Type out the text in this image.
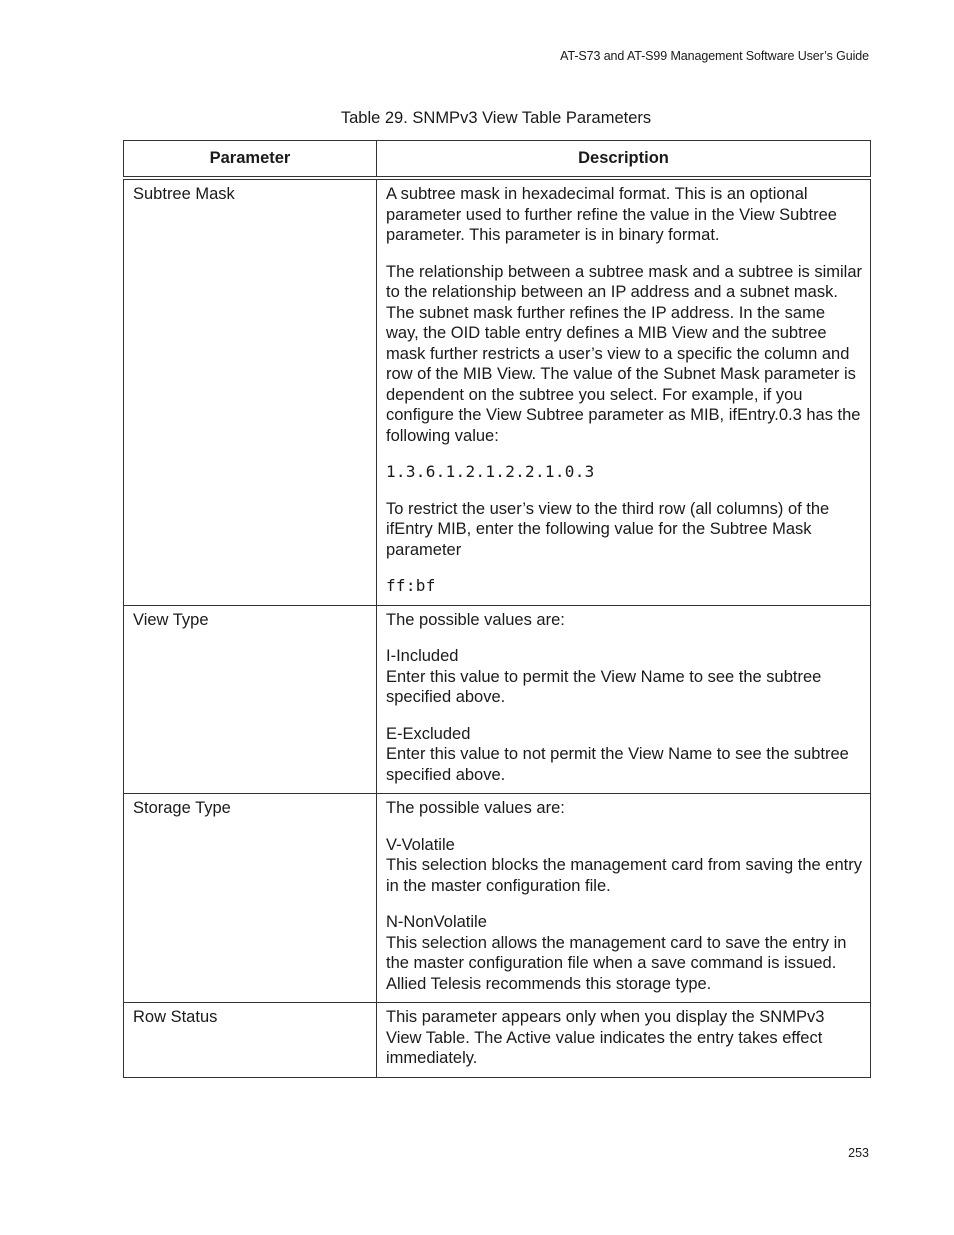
AT-S73 and AT-S99 Management Software User’s Guide
Table 29. SNMPv3 View Table Parameters
Parameter	Description
Subtree Mask	A subtree mask in hexadecimal format. This is an optional parameter used to further refine the value in the View Subtree parameter. This parameter is in binary format.

The relationship between a subtree mask and a subtree is similar to the relationship between an IP address and a subnet mask. The subnet mask further refines the IP address. In the same way, the OID table entry defines a MIB View and the subtree mask further restricts a user’s view to a specific the column and row of the MIB View. The value of the Subnet Mask parameter is dependent on the subtree you select. For example, if you configure the View Subtree parameter as MIB, ifEntry.0.3 has the following value:

1.3.6.1.2.1.2.2.1.0.3

To restrict the user’s view to the third row (all columns) of the ifEntry MIB, enter the following value for the Subtree Mask parameter

ff:bf

View Type	The possible values are:

I-Included
Enter this value to permit the View Name to see the subtree specified above.

E-Excluded
Enter this value to not permit the View Name to see the subtree specified above.

Storage Type	The possible values are:

V-Volatile
This selection blocks the management card from saving the entry in the master configuration file.

N-NonVolatile
This selection allows the management card to save the entry in the master configuration file when a save command is issued. Allied Telesis recommends this storage type.

Row Status	This parameter appears only when you display the SNMPv3 View Table. The Active value indicates the entry takes effect immediately.

253
